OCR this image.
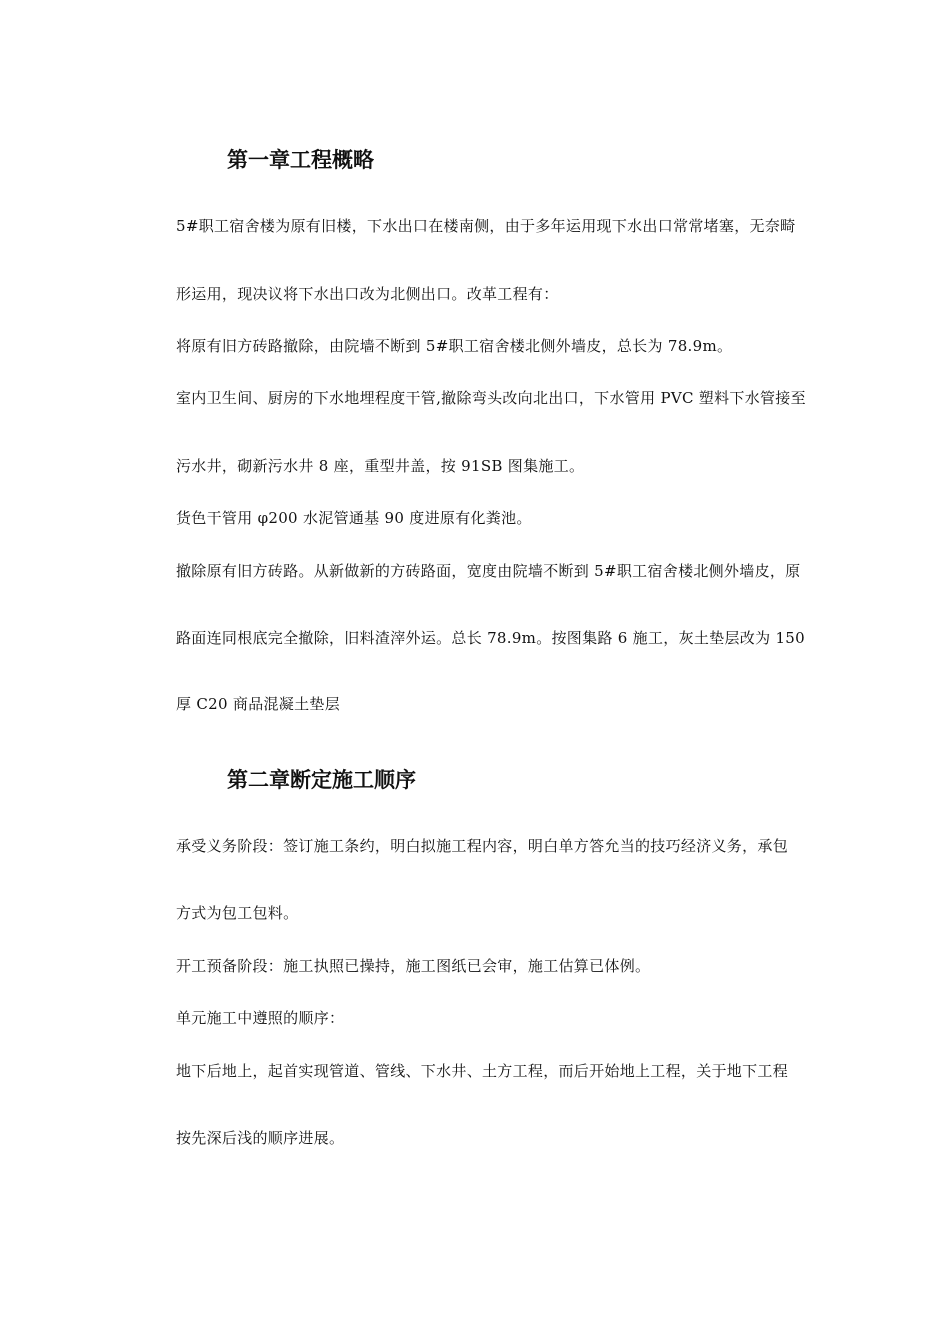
第一章工程概略

5#职工宿舍楼为原有旧楼，下水出口在楼南侧，由于多年运用现下水出口常常堵塞，无奈畸

形运用，现决议将下水出口改为北侧出口。改革工程有：

将原有旧方砖路撤除，由院墙不断到 5#职工宿舍楼北侧外墙皮，总长为 78.9m。

室内卫生间、厨房的下水地埋程度干管,撤除弯头改向北出口，下水管用 PVC 塑料下水管接至

污水井，砌新污水井 8 座，重型井盖，按 91SB 图集施工。

货色干管用 φ200 水泥管通基 90 度进原有化粪池。

撤除原有旧方砖路。从新做新的方砖路面，宽度由院墙不断到 5#职工宿舍楼北侧外墙皮，原

路面连同根底完全撤除，旧料渣滓外运。总长 78.9m。按图集路 6 施工，灰土垫层改为 150

厚 C20 商品混凝土垫层

第二章断定施工顺序

承受义务阶段：签订施工条约，明白拟施工程内容，明白单方答允当的技巧经济义务，承包

方式为包工包料。

开工预备阶段：施工执照已操持，施工图纸已会审，施工估算已体例。

单元施工中遵照的顺序：

地下后地上，起首实现管道、管线、下水井、土方工程，而后开始地上工程，关于地下工程

按先深后浅的顺序进展。
